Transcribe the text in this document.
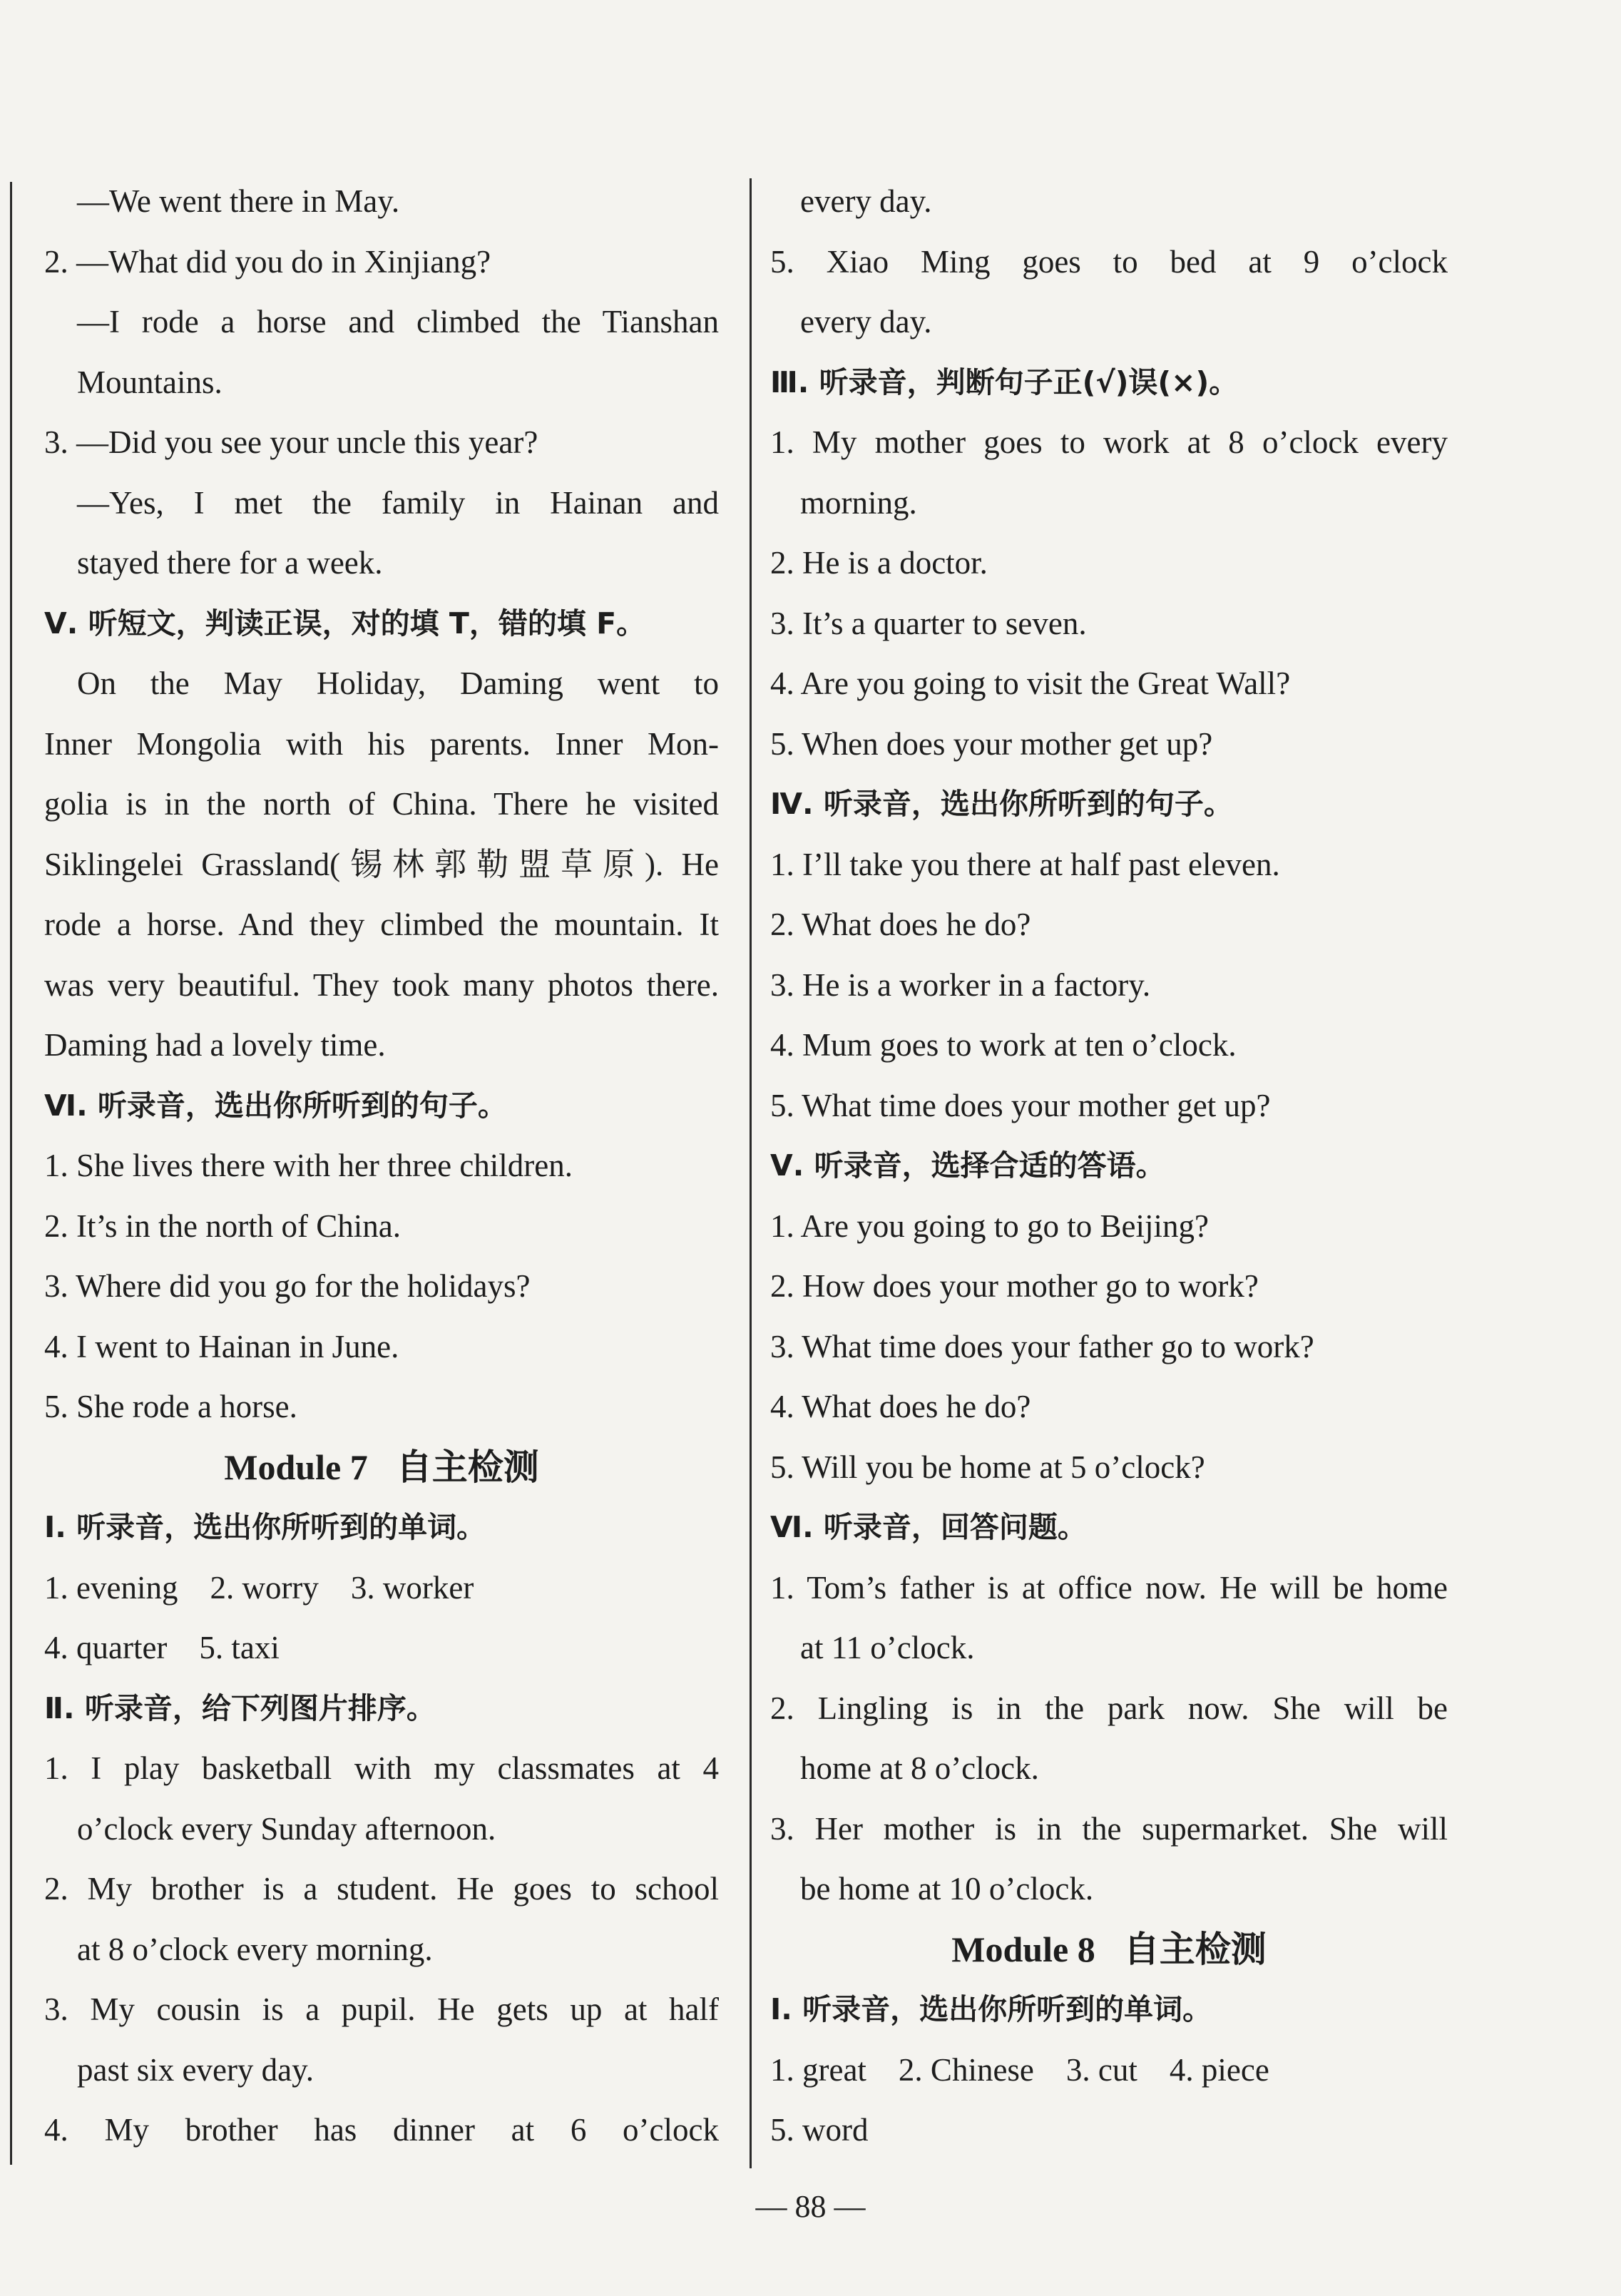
—We went there in May.
2. —What did you do in Xinjiang?
—I rode a horse and climbed the Tianshan
Mountains.
3. —Did you see your uncle this year?
—Yes, I met the family in Hainan and
stayed there for a week.
Ⅴ. 听短文，判读正误，对的填 T，错的填 F。
On the May Holiday, Daming went to
Inner Mongolia with his parents. Inner Mon-
golia is in the north of China. There he visited
Siklingelei Grassland(锡林郭勒盟草原). He
rode a horse. And they climbed the mountain. It
was very beautiful. They took many photos there.
Daming had a lovely time.
Ⅵ. 听录音，选出你所听到的句子。
1. She lives there with her three children.
2. It’s in the north of China.
3. Where did you go for the holidays?
4. I went to Hainan in June.
5. She rode a horse.
Module 7 自主检测
Ⅰ. 听录音，选出你所听到的单词。
1. evening    2. worry    3. worker
4. quarter    5. taxi
Ⅱ. 听录音，给下列图片排序。
1. I play basketball with my classmates at 4
o’clock every Sunday afternoon.
2. My brother is a student. He goes to school
at 8 o’clock every morning.
3. My cousin is a pupil. He gets up at half
past six every day.
4. My brother has dinner at 6 o’clock
every day.
5. Xiao Ming goes to bed at 9 o’clock
every day.
Ⅲ. 听录音，判断句子正(√)误(×)。
1. My mother goes to work at 8 o’clock every
morning.
2. He is a doctor.
3. It’s a quarter to seven.
4. Are you going to visit the Great Wall?
5. When does your mother get up?
Ⅳ. 听录音，选出你所听到的句子。
1. I’ll take you there at half past eleven.
2. What does he do?
3. He is a worker in a factory.
4. Mum goes to work at ten o’clock.
5. What time does your mother get up?
Ⅴ. 听录音，选择合适的答语。
1. Are you going to go to Beijing?
2. How does your mother go to work?
3. What time does your father go to work?
4. What does he do?
5. Will you be home at 5 o’clock?
Ⅵ. 听录音，回答问题。
1. Tom’s father is at office now. He will be home
at 11 o’clock.
2. Lingling is in the park now. She will be
home at 8 o’clock.
3. Her mother is in the supermarket. She will
be home at 10 o’clock.
Module 8 自主检测
Ⅰ. 听录音，选出你所听到的单词。
1. great    2. Chinese    3. cut    4. piece
5. word
— 88 —
